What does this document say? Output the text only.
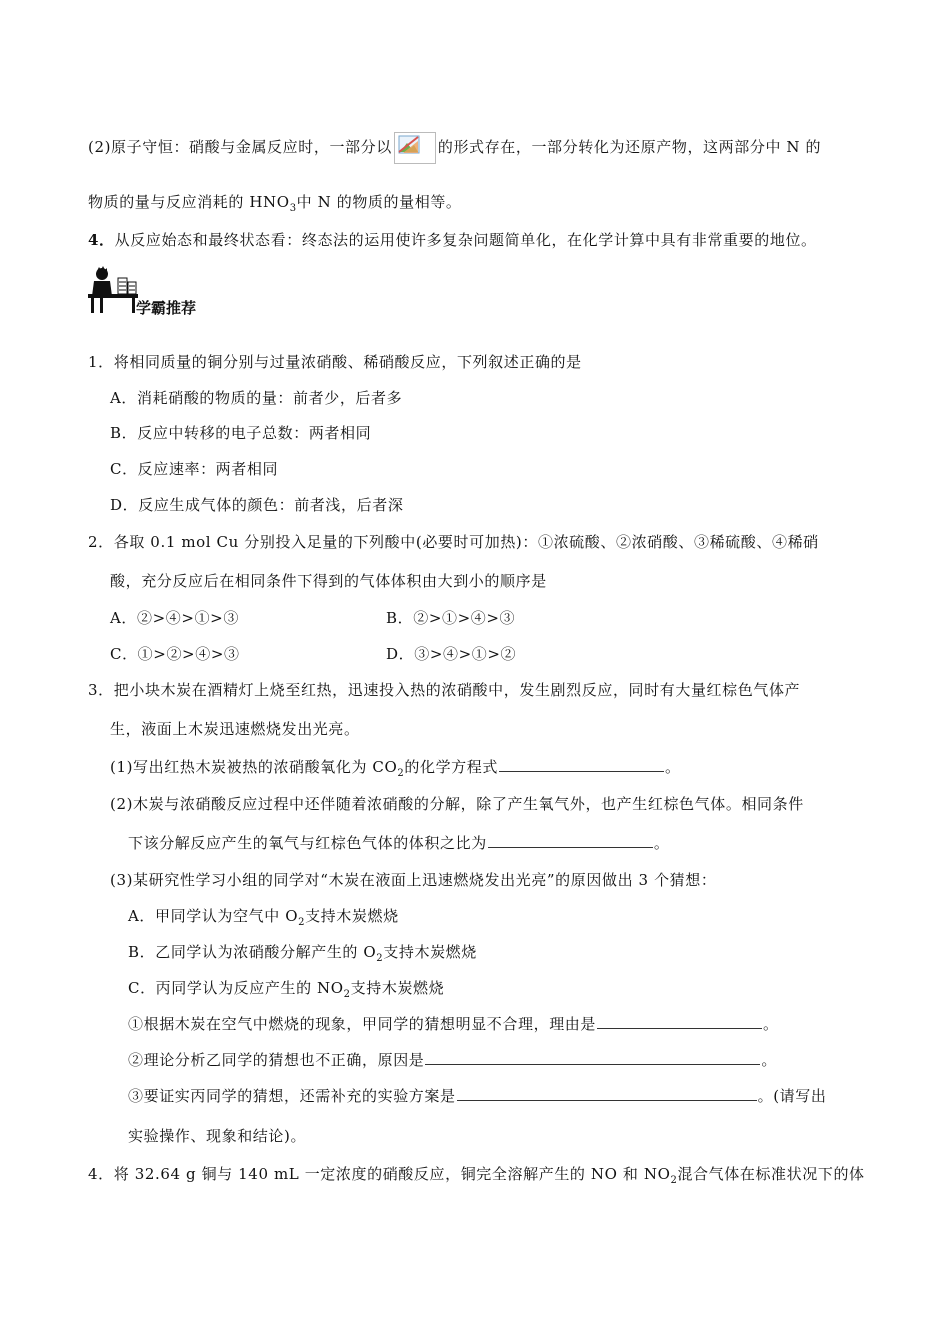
(2)原子守恒：硝酸与金属反应时，一部分以	的形式存在，一部分转化为还原产物，这两部分中 N 的
物质的量与反应消耗的 $HNO_3$中 N 的物质的量相等。
4．从反应始态和最终状态看：终态法的运用使许多复杂问题简单化，在化学计算中具有非常重要的地位。
学霸推荐
1．将相同质量的铜分别与过量浓硝酸、稀硝酸反应，下列叙述正确的是
A．消耗硝酸的物质的量：前者少，后者多
B．反应中转移的电子总数：两者相同
C．反应速率：两者相同
D．反应生成气体的颜色：前者浅，后者深
2．各取 0.1 mol Cu 分别投入足量的下列酸中(必要时可加热)：①浓硫酸、②浓硝酸、③稀硫酸、④稀硝
酸，充分反应后在相同条件下得到的气体体积由大到小的顺序是
A．②>④>①>③	B．②>①>④>③
C．①>②>④>③	D．③>④>①>②
3．把小块木炭在酒精灯上烧至红热，迅速投入热的浓硝酸中，发生剧烈反应，同时有大量红棕色气体产
生，液面上木炭迅速燃烧发出光亮。
(1)写出红热木炭被热的浓硝酸氧化为 $CO_2$的化学方程式	。
(2)木炭与浓硝酸反应过程中还伴随着浓硝酸的分解，除了产生氧气外，也产生红棕色气体。相同条件
下该分解反应产生的氧气与红棕色气体的体积之比为	。
(3)某研究性学习小组的同学对“木炭在液面上迅速燃烧发出光亮”的原因做出 3 个猜想：
A．甲同学认为空气中 $O_2$支持木炭燃烧
B．乙同学认为浓硝酸分解产生的 $O_2$支持木炭燃烧
C．丙同学认为反应产生的 $NO_2$支持木炭燃烧
①根据木炭在空气中燃烧的现象，甲同学的猜想明显不合理，理由是	。
②理论分析乙同学的猜想也不正确，原因是	。
③要证实丙同学的猜想，还需补充的实验方案是	。(请写出
实验操作、现象和结论)。
4．将 32.64 g 铜与 140 mL 一定浓度的硝酸反应，铜完全溶解产生的 NO 和 $NO_2$混合气体在标准状况下的体
